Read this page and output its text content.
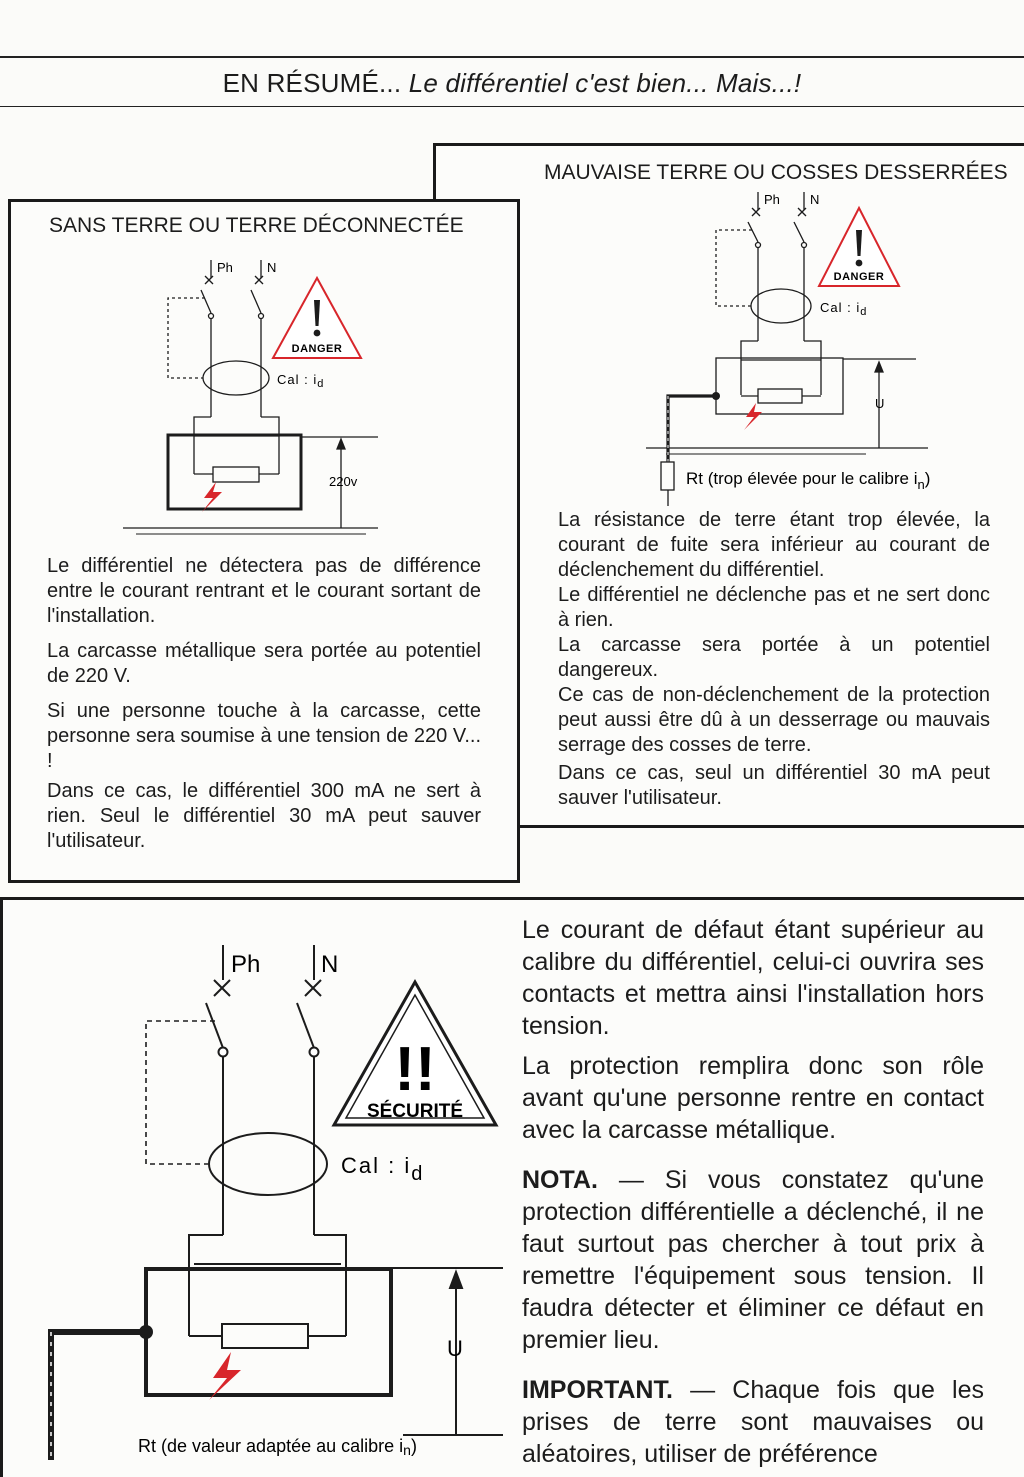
EN RÉSUMÉ... Le différentiel c'est bien... Mais...!
MAUVAISE TERRE OU COSSES DESSERRÉES
Ph N
Cal : $i_d$
U
DANGER
Rt (trop élevée pour le calibre $i_n$)

La résistance de terre étant trop élevée, la courant de fuite sera inférieur au courant de déclenchement du différentiel.

Le différentiel ne déclenche pas et ne sert donc à rien.

La carcasse sera portée à un potentiel dangereux.

Ce cas de non-déclenchement de la protection peut aussi être dû à un desserrage ou mauvais serrage des cosses de terre.

Dans ce cas, seul un différentiel 30 mA peut sauver l'utilisateur.

SANS TERRE OU TERRE DÉCONNECTÉE
Ph	N
Cal : $i_d$
220v
DANGER

Le différentiel ne détectera pas de différence entre le courant rentrant et le courant sortant de l'installation.

La carcasse métallique sera portée au potentiel de 220 V.

Si une personne touche à la carcasse, cette personne sera soumise à une tension de 220 V... !

Dans ce cas, le différentiel 300 mA ne sert à rien. Seul le différentiel 30 mA peut sauver l'utilisateur.

Ph	N
Cal : id
U
!!
SÉCURITÉ
Rt (de valeur adaptée au calibre in)

Le courant de défaut étant supérieur au calibre du différentiel, celui-ci ouvrira ses contacts et mettra ainsi l'installation hors tension.

La protection remplira donc son rôle avant qu'une personne rentre en contact avec la carcasse métallique.

NOTA. — Si vous constatez qu'une protection différentielle a déclenché, il ne faut surtout pas chercher à tout prix à remettre l'équipement sous tension. Il faudra détecter et éliminer ce défaut en premier lieu.

IMPORTANT. — Chaque fois que les prises de terre sont mauvaises ou aléatoires, utiliser de préférence
